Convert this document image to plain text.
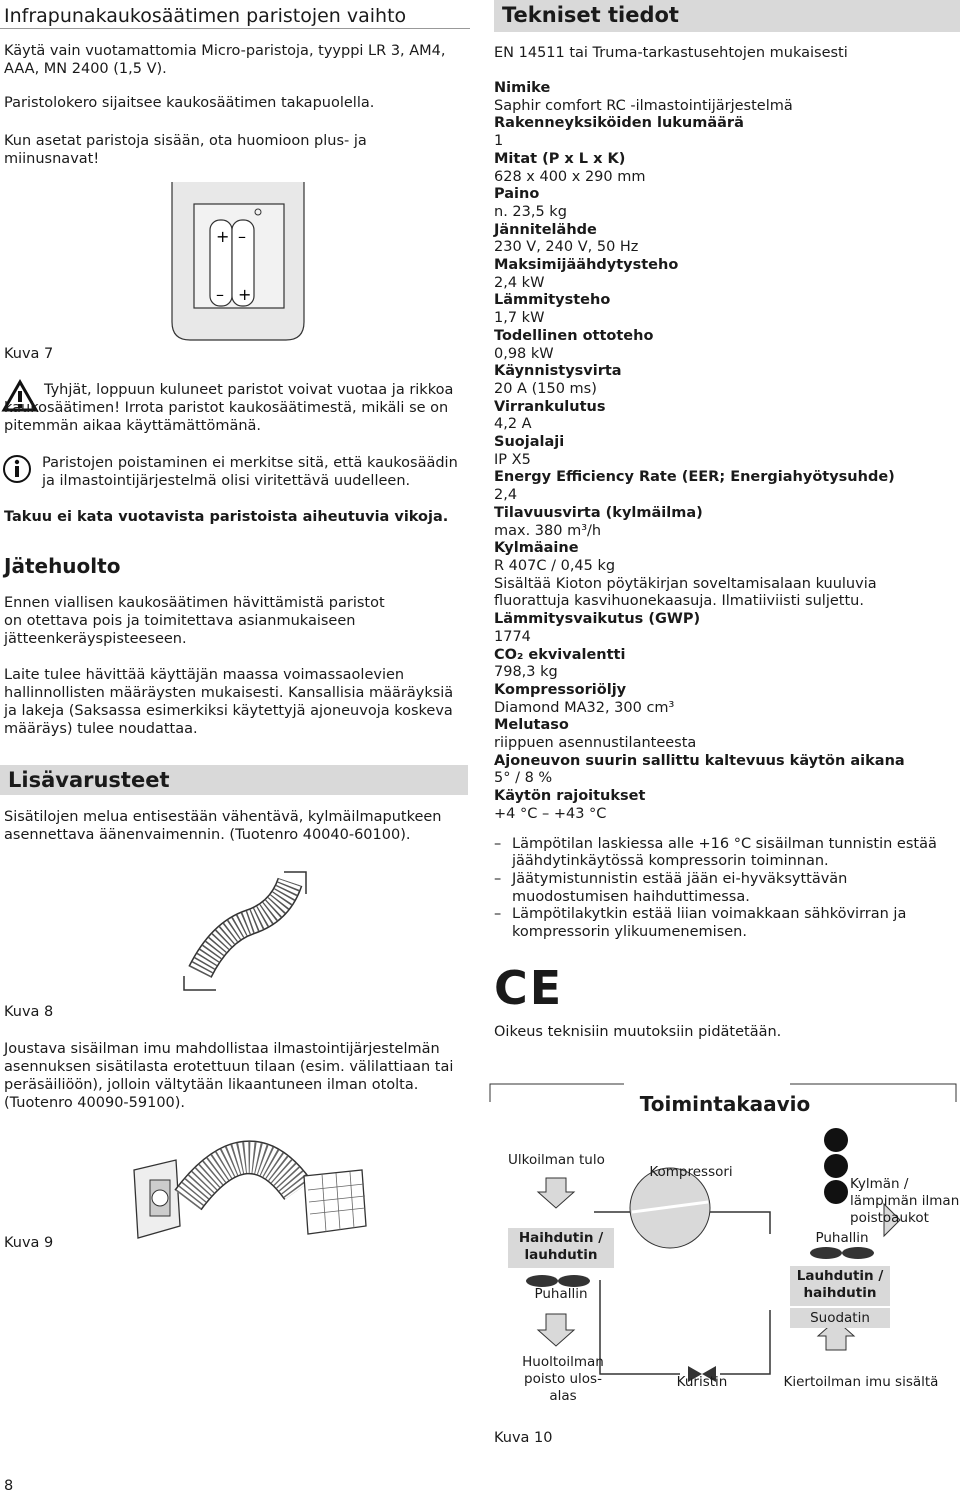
Infrapunakaukosäätimen paristojen vaihto

Käytä vain vuotamattomia Micro-paristoja, tyyppi LR 3, AM4, AAA, MN 2400 (1,5 V).

Paristolokero sijaitsee kaukosäätimen takapuolella.

Kun asetat paristoja sisään, ota huomioon plus- ja miinusnavat!

+ –
– +
Kuva 7

Tyhjät, loppuun kuluneet paristot voivat vuotaa ja rikkoa kaukosäätimen! Irrota paristot kaukosäätimestä, mikäli se on pitemmän aikaa käyttämättömänä.

Paristojen poistaminen ei merkitse sitä, että kaukosäädin ja ilmastointijärjestelmä olisi viritettävä uudelleen.

Takuu ei kata vuotavista paristoista aiheutuvia vikoja.

Jätehuolto

Ennen viallisen kaukosäätimen hävittämistä paristot on otettava pois ja toimitettava asianmukaiseen jätteenkeräyspisteeseen.

Laite tulee hävittää käyttäjän maassa voimassaolevien hallinnollisten määräysten mukaisesti. Kansallisia määräyksiä ja lakeja (Saksassa esimerkiksi käytettyjä ajoneuvoja koskeva määräys) tulee noudattaa.

Lisävarusteet

Sisätilojen melua entisestään vähentävä, kylmäilmaputkeen asennettava äänenvaimennin. (Tuotenro 40040-60100).

Kuva 8

Joustava sisäilman imu mahdollistaa ilmastointijärjestelmän asennuksen sisätilasta erotettuun tilaan (esim. välilattiaan tai peräsäiliöön), jolloin vältytään likaantuneen ilman otolta. (Tuotenro 40090-59100).

Kuva 9
8
Tekniset tiedot

EN 14511 tai Truma-tarkastusehtojen mukaisesti

Nimike
Saphir comfort RC -ilmastointijärjestelmä
Rakenneyksiköiden lukumäärä
1
Mitat (P x L x K)
628 x 400 x 290 mm
Paino
n. 23,5 kg
Jännitelähde
230 V, 240 V, 50 Hz
Maksimijäähdytysteho
2,4 kW
Lämmitysteho
1,7 kW
Todellinen ottoteho
0,98 kW
Käynnistysvirta
20 A (150 ms)
Virrankulutus
4,2 A
Suojalaji
IP X5
Energy Efficiency Rate (EER; Energiahyötysuhde)
2,4
Tilavuusvirta (kylmäilma)
max. 380 m³/h
Kylmäaine
R 407C / 0,45 kg
Sisältää Kioton pöytäkirjan soveltamisalaan kuuluvia fluorattuja kasvihuonekaasuja. Ilmatiiviisti suljettu.
Lämmitysvaikutus (GWP)
1774
CO₂ ekvivalentti
798,3 kg
Kompressoriöljy
Diamond MA32, 300 cm³
Melutaso
riippuen asennustilanteesta
Ajoneuvon suurin sallittu kaltevuus käytön aikana
5° / 8 %
Käytön rajoitukset
+4 °C – +43 °C
– Lämpötilan laskiessa alle +16 °C sisäilman tunnistin estää jäähdytinkäytössä kompressorin toiminnan.
– Jäätymistunnistin estää jään ei-hyväksyttävän muodostumisen haihduttimessa.
– Lämpötilakytkin estää liian voimakkaan sähkövirran ja kompressorin ylikuumenemisen.
CE
Oikeus teknisiin muutoksiin pidätetään.
Toimintakaavio
Ulkoilman tulo
Kompressori
Kylmän / lämpimän ilman poistoaukot
Haihdutin / lauhdutin
Puhallin
Puhallin
Lauhdutin / haihdutin
Suodatin
Huoltoilman poisto ulos-alas
Kuristin	Kiertoilman imu sisältä
Kuva 10
